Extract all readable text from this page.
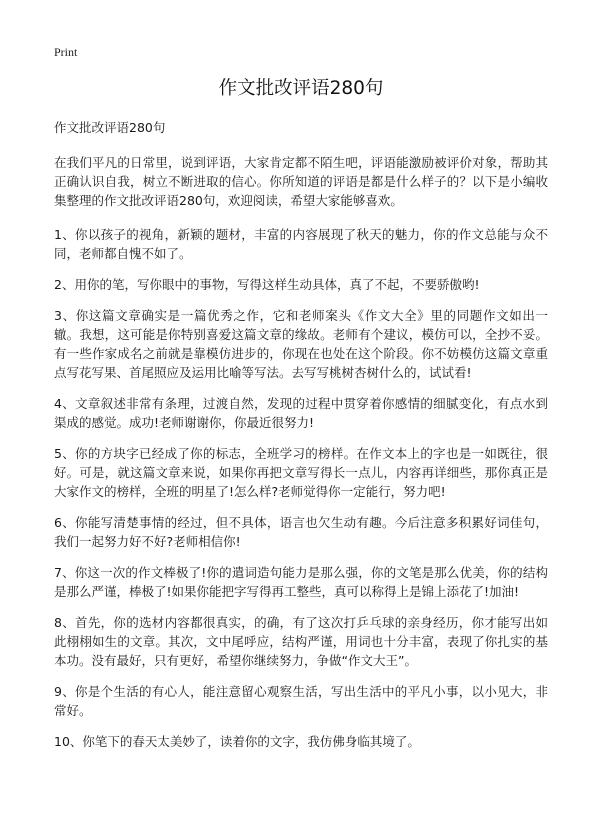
Print
作文批改评语280句

作文批改评语280句

在我们平凡的日常里，说到评语，大家肯定都不陌生吧，评语能激励被评价对象，帮助其正确认识自我，树立不断进取的信心。你所知道的评语是都是什么样子的？以下是小编收集整理的作文批改评语280句，欢迎阅读，希望大家能够喜欢。

1、你以孩子的视角，新颖的题材，丰富的内容展现了秋天的魅力，你的作文总能与众不同，老师都自愧不如了。

2、用你的笔，写你眼中的事物，写得这样生动具体，真了不起，不要骄傲哟!

3、你这篇文章确实是一篇优秀之作，它和老师案头《作文大全》里的同题作文如出一辙。我想，这可能是你特别喜爱这篇文章的缘故。老师有个建议，模仿可以，全抄不妥。有一些作家成名之前就是靠模仿进步的，你现在也处在这个阶段。你不妨模仿这篇文章重点写花写果、首尾照应及运用比喻等写法。去写写桃树杏树什么的，试试看!

4、文章叙述非常有条理，过渡自然，发现的过程中贯穿着你感情的细腻变化，有点水到渠成的感觉。成功!老师谢谢你，你最近很努力!

5、你的方块字已经成了你的标志，全班学习的榜样。在作文本上的字也是一如既往，很好。可是，就这篇文章来说，如果你再把文章写得长一点儿，内容再详细些，那你真正是大家作文的榜样，全班的明星了!怎么样?老师觉得你一定能行，努力吧!

6、你能写清楚事情的经过，但不具体，语言也欠生动有趣。今后注意多积累好词佳句，我们一起努力好不好?老师相信你!

7、你这一次的作文棒极了!你的遣词造句能力是那么强，你的文笔是那么优美，你的结构是那么严谨，棒极了!如果你能把字写得再工整些，真可以称得上是锦上添花了!加油!

8、首先，你的选材内容都很真实，的确，有了这次打乒乓球的亲身经历，你才能写出如此栩栩如生的文章。其次，文中尾呼应，结构严谨，用词也十分丰富，表现了你扎实的基本功。没有最好，只有更好，希望你继续努力，争做“作文大王”。

9、你是个生活的有心人，能注意留心观察生活，写出生活中的平凡小事，以小见大，非常好。

10、你笔下的春天太美妙了，读着你的文字，我仿佛身临其境了。
